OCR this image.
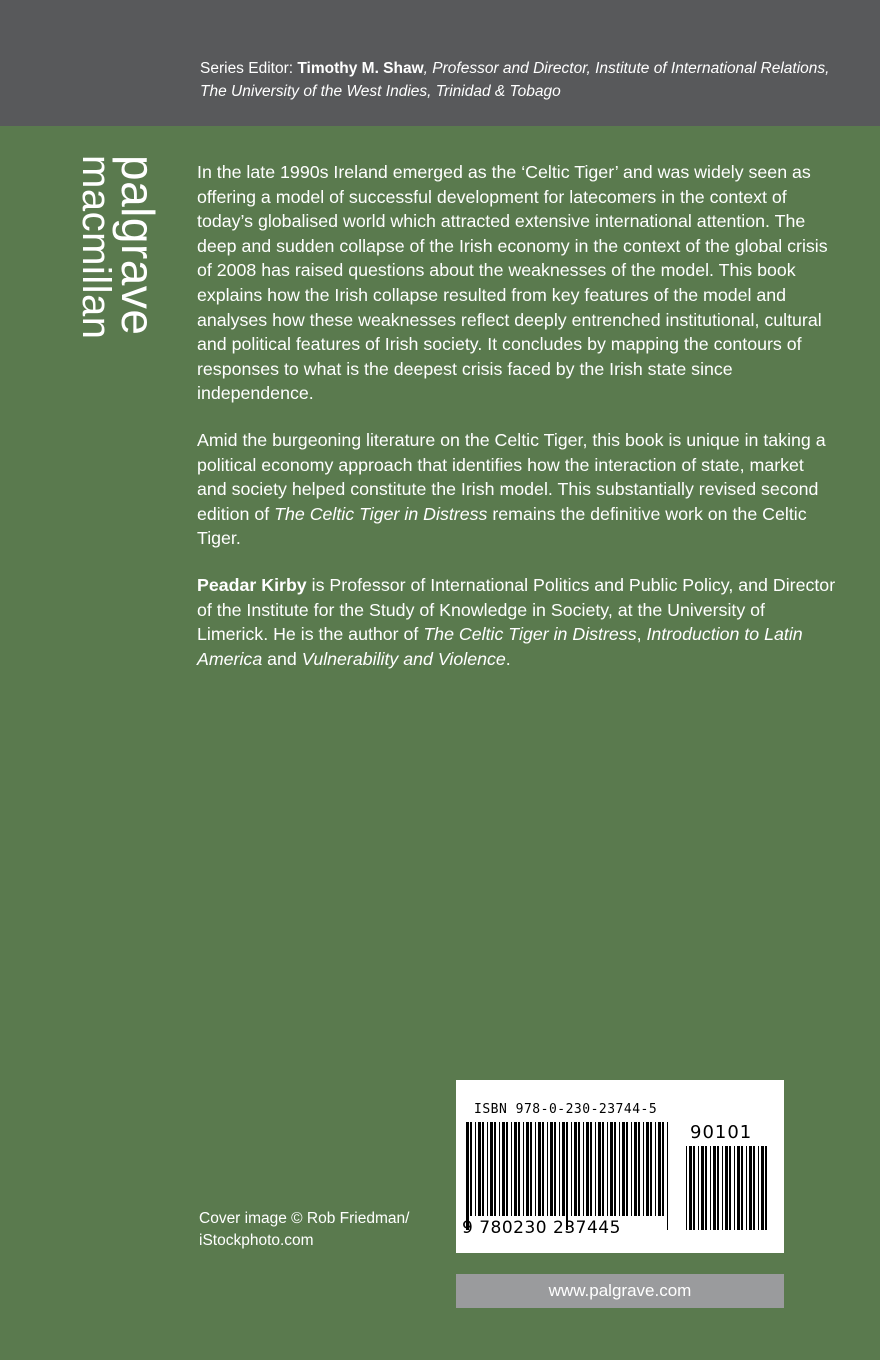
Series Editor: Timothy M. Shaw, Professor and Director, Institute of International Relations, The University of the West Indies, Trinidad & Tobago
palgrave
macmillan	In the late 1990s Ireland emerged as the ‘Celtic Tiger’ and was widely seen as offering a model of successful development for latecomers in the context of today’s globalised world which attracted extensive international attention. The deep and sudden collapse of the Irish economy in the context of the global crisis of 2008 has raised questions about the weaknesses of the model. This book explains how the Irish collapse resulted from key features of the model and analyses how these weaknesses reflect deeply entrenched institutional, cultural and political features of Irish society. It concludes by mapping the contours of responses to what is the deepest crisis faced by the Irish state since independence.

Amid the burgeoning literature on the Celtic Tiger, this book is unique in taking a political economy approach that identifies how the interaction of state, market and society helped constitute the Irish model. This substantially revised second edition of The Celtic Tiger in Distress remains the definitive work on the Celtic Tiger.

Peadar Kirby is Professor of International Politics and Public Policy, and Director of the Institute for the Study of Knowledge in Society, at the University of Limerick. He is the author of The Celtic Tiger in Distress, Introduction to Latin America and Vulnerability and Violence.

Cover image © Rob Friedman/
iStockphoto.com
ISBN 978-0-230-23744-5
90101
9 780230 237445
www.palgrave.com
